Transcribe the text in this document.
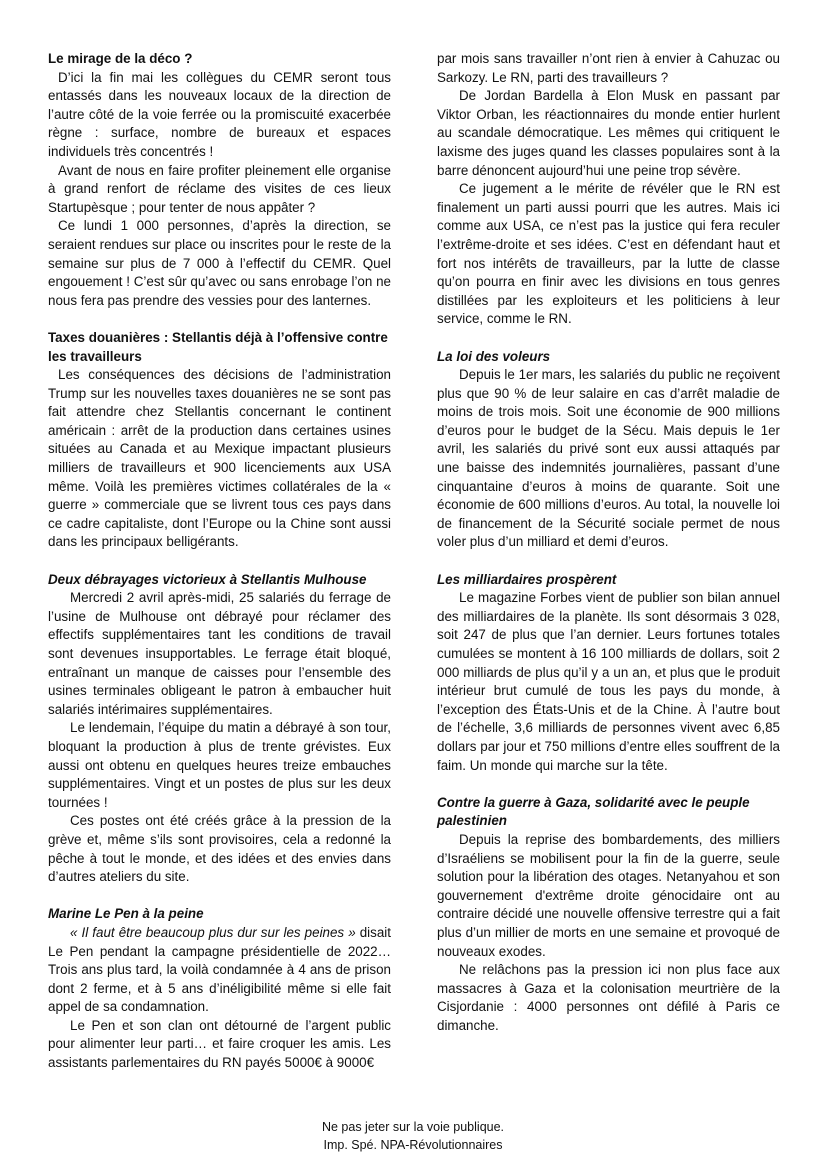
Le mirage de la déco ?

D’ici la fin mai les collègues du CEMR seront tous entassés dans les nouveaux locaux de la direction de l’autre côté de la voie ferrée ou la promiscuité exacerbée règne : surface, nombre de bureaux et espaces individuels très concentrés !

Avant de nous en faire profiter pleinement elle organise à grand renfort de réclame des visites de ces lieux Startupèsque ; pour tenter de nous appâter ?

Ce lundi 1 000 personnes, d’après la direction, se seraient rendues sur place ou inscrites pour le reste de la semaine sur plus de 7 000 à l’effectif du CEMR. Quel engouement ! C’est sûr qu’avec ou sans enrobage l’on ne nous fera pas prendre des vessies pour des lanternes.

Taxes douanières : Stellantis déjà à l’offensive contre les travailleurs

Les conséquences des décisions de l’administration Trump sur les nouvelles taxes douanières ne se sont pas fait attendre chez Stellantis concernant le continent américain : arrêt de la production dans certaines usines situées au Canada et au Mexique impactant plusieurs milliers de travailleurs et 900 licenciements aux USA même. Voilà les premières victimes collatérales de la « guerre » commerciale que se livrent tous ces pays dans ce cadre capitaliste, dont l’Europe ou la Chine sont aussi dans les principaux belligérants.

Deux débrayages victorieux à Stellantis Mulhouse

Mercredi 2 avril après-midi, 25 salariés du ferrage de l’usine de Mulhouse ont débrayé pour réclamer des effectifs supplémentaires tant les conditions de travail sont devenues insupportables. Le ferrage était bloqué, entraînant un manque de caisses pour l’ensemble des usines terminales obligeant le patron à embaucher huit salariés intérimaires supplémentaires.

Le lendemain, l’équipe du matin a débrayé à son tour, bloquant la production à plus de trente grévistes. Eux aussi ont obtenu en quelques heures treize embauches supplémentaires. Vingt et un postes de plus sur les deux tournées !

Ces postes ont été créés grâce à la pression de la grève et, même s’ils sont provisoires, cela a redonné la pêche à tout le monde, et des idées et des envies dans d’autres ateliers du site.

Marine Le Pen à la peine

« Il faut être beaucoup plus dur sur les peines » disait Le Pen pendant la campagne présidentielle de 2022… Trois ans plus tard, la voilà condamnée à 4 ans de prison dont 2 ferme, et à 5 ans d’inéligibilité même si elle fait appel de sa condamnation.

Le Pen et son clan ont détourné de l’argent public pour alimenter leur parti… et faire croquer les amis. Les assistants parlementaires du RN payés 5000€ à 9000€

par mois sans travailler n’ont rien à envier à Cahuzac ou Sarkozy. Le RN, parti des travailleurs ?

De Jordan Bardella à Elon Musk en passant par Viktor Orban, les réactionnaires du monde entier hurlent au scandale démocratique. Les mêmes qui critiquent le laxisme des juges quand les classes populaires sont à la barre dénoncent aujourd’hui une peine trop sévère.

Ce jugement a le mérite de révéler que le RN est finalement un parti aussi pourri que les autres. Mais ici comme aux USA, ce n’est pas la justice qui fera reculer l’extrême-droite et ses idées. C’est en défendant haut et fort nos intérêts de travailleurs, par la lutte de classe qu’on pourra en finir avec les divisions en tous genres distillées par les exploiteurs et les politiciens à leur service, comme le RN.

La loi des voleurs

Depuis le 1er mars, les salariés du public ne reçoivent plus que 90 % de leur salaire en cas d’arrêt maladie de moins de trois mois. Soit une économie de 900 millions d’euros pour le budget de la Sécu. Mais depuis le 1er avril, les salariés du privé sont eux aussi attaqués par une baisse des indemnités journalières, passant d’une cinquantaine d’euros à moins de quarante. Soit une économie de 600 millions d’euros. Au total, la nouvelle loi de financement de la Sécurité sociale permet de nous voler plus d’un milliard et demi d’euros.

Les milliardaires prospèrent

Le magazine Forbes vient de publier son bilan annuel des milliardaires de la planète. Ils sont désormais 3 028, soit 247 de plus que l’an dernier. Leurs fortunes totales cumulées se montent à 16 100 milliards de dollars, soit 2 000 milliards de plus qu’il y a un an, et plus que le produit intérieur brut cumulé de tous les pays du monde, à l’exception des États-Unis et de la Chine. À l’autre bout de l’échelle, 3,6 milliards de personnes vivent avec 6,85 dollars par jour et 750 millions d’entre elles souffrent de la faim. Un monde qui marche sur la tête.

Contre la guerre à Gaza, solidarité avec le peuple palestinien

Depuis la reprise des bombardements, des milliers d’Israéliens se mobilisent pour la fin de la guerre, seule solution pour la libération des otages. Netanyahou et son gouvernement d'extrême droite génocidaire ont au contraire décidé une nouvelle offensive terrestre qui a fait plus d’un millier de morts en une semaine et provoqué de nouveaux exodes.

Ne relâchons pas la pression ici non plus face aux massacres à Gaza et la colonisation meurtrière de la Cisjordanie : 4000 personnes ont défilé à Paris ce dimanche.

Ne pas jeter sur la voie publique.
Imp. Spé. NPA-Révolutionnaires
